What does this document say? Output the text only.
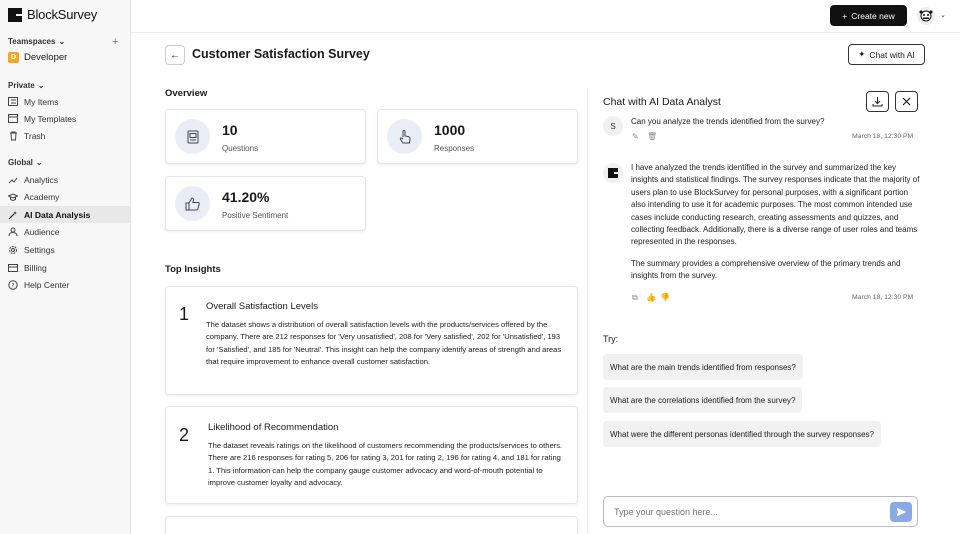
BlockSurvey
Teamspaces ⌄	+
D Developer
Private ⌄
My Items
My Templates
Trash
Global ⌄
Analytics
Academy
AI Data Analysis
Audience
Settings
Billing
? Help Center
+ Create new	⌄
← Customer Satisfaction Survey	✦ Chat with AI
Overview
10
Questions
1000
Responses
41.20%
Positive Sentiment
Top Insights
1 Overall Satisfaction Levels
The dataset shows a distribution of overall satisfaction levels with the products/services offered by the company. There are 212 responses for 'Very unsatisfied', 208 for 'Very satisfied', 202 for 'Unsatisfied', 193 for 'Satisfied', and 185 for 'Neutral'. This insight can help the company identify areas of strength and areas that require improvement to enhance overall customer satisfaction.
2 Likelihood of Recommendation
The dataset reveals ratings on the likelihood of customers recommending the products/services to others. There are 216 responses for rating 5, 206 for rating 3, 201 for rating 2, 196 for rating 4, and 181 for rating 1. This information can help the company gauge customer advocacy and word-of-mouth potential to improve customer loyalty and advocacy.
Chat with AI Data Analyst
S	Can you analyze the trends identified from the survey?
✎ 🗑	March 18, 12:30 PM
I have analyzed the trends identified in the survey and summarized the key insights and statistical findings. The survey responses indicate that the majority of users plan to use BlockSurvey for personal purposes, with a significant portion also intending to use it for academic purposes. The most common intended use cases include conducting research, creating assessments and quizzes, and collecting feedback. Additionally, there is a diverse range of user roles and teams represented in the responses.
The summary provides a comprehensive overview of the primary trends and insights from the survey.
⧉ 👍 👎	March 18, 12:30 PM
Try:
What are the main trends identified from responses?
What are the correlations identified from the survey?
What were the different personas identified through the survey responses?
Type your question here...
